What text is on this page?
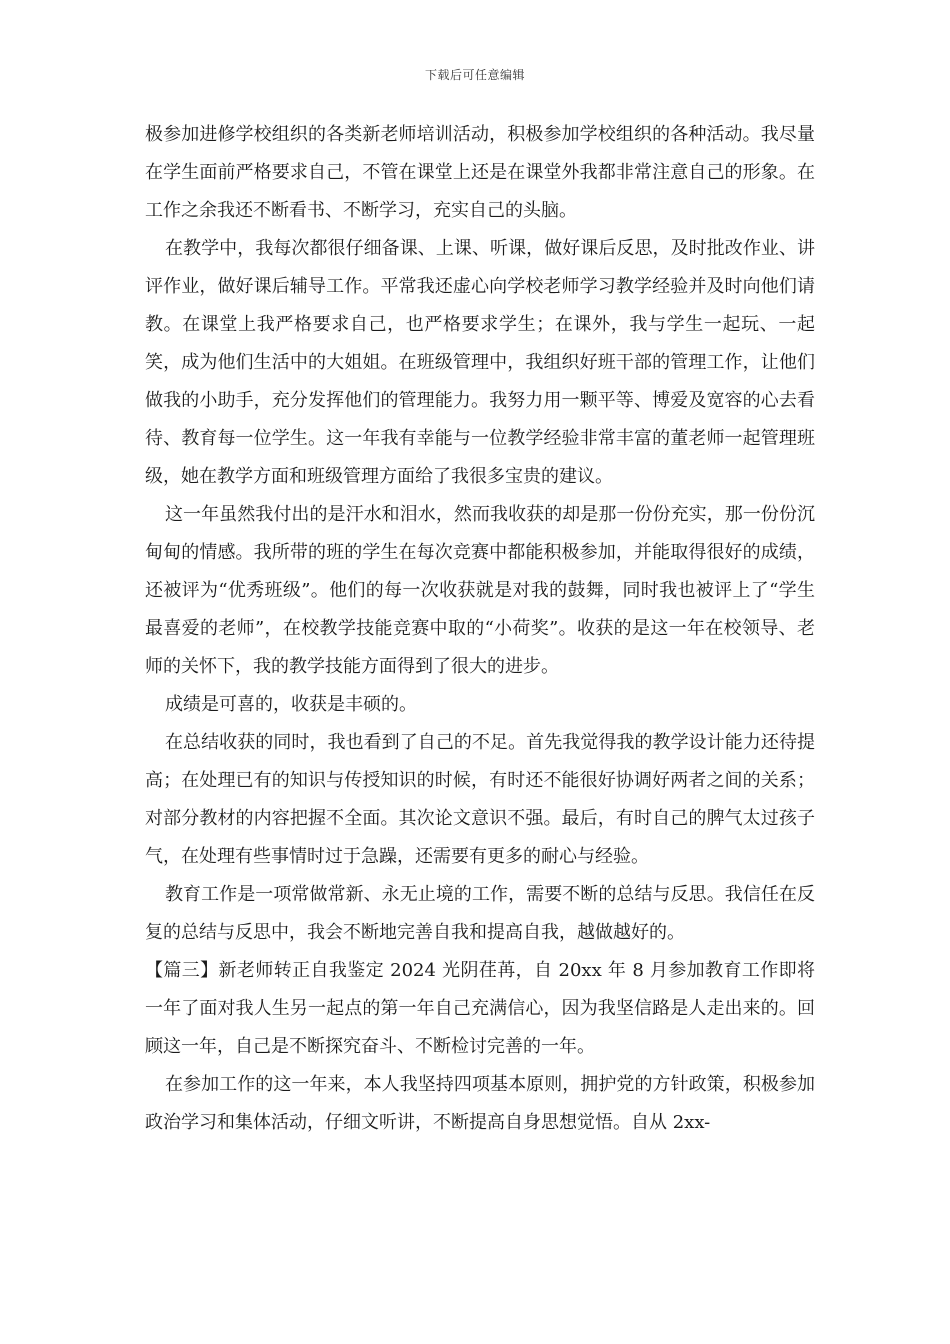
下载后可任意编辑

极参加进修学校组织的各类新老师培训活动，积极参加学校组织的各种活动。我尽量在学生面前严格要求自己，不管在课堂上还是在课堂外我都非常注意自己的形象。在工作之余我还不断看书、不断学习，充实自己的头脑。

在教学中，我每次都很仔细备课、上课、听课，做好课后反思，及时批改作业、讲评作业，做好课后辅导工作。平常我还虚心向学校老师学习教学经验并及时向他们请教。在课堂上我严格要求自己，也严格要求学生；在课外，我与学生一起玩、一起笑，成为他们生活中的大姐姐。在班级管理中，我组织好班干部的管理工作，让他们做我的小助手，充分发挥他们的管理能力。我努力用一颗平等、博爱及宽容的心去看待、教育每一位学生。这一年我有幸能与一位教学经验非常丰富的董老师一起管理班级，她在教学方面和班级管理方面给了我很多宝贵的建议。

这一年虽然我付出的是汗水和泪水，然而我收获的却是那一份份充实，那一份份沉甸甸的情感。我所带的班的学生在每次竞赛中都能积极参加，并能取得很好的成绩，还被评为“优秀班级”。他们的每一次收获就是对我的鼓舞，同时我也被评上了“学生最喜爱的老师”，在校教学技能竞赛中取的“小荷奖”。收获的是这一年在校领导、老师的关怀下，我的教学技能方面得到了很大的进步。

成绩是可喜的，收获是丰硕的。

在总结收获的同时，我也看到了自己的不足。首先我觉得我的教学设计能力还待提高；在处理已有的知识与传授知识的时候，有时还不能很好协调好两者之间的关系；对部分教材的内容把握不全面。其次论文意识不强。最后，有时自己的脾气太过孩子气，在处理有些事情时过于急躁，还需要有更多的耐心与经验。

教育工作是一项常做常新、永无止境的工作，需要不断的总结与反思。我信任在反复的总结与反思中，我会不断地完善自我和提高自我，越做越好的。

【篇三】新老师转正自我鉴定 2024 光阴荏苒，自 20xx 年 8 月参加教育工作即将一年了面对我人生另一起点的第一年自己充满信心，因为我坚信路是人走出来的。回顾这一年，自己是不断探究奋斗、不断检讨完善的一年。

在参加工作的这一年来，本人我坚持四项基本原则，拥护党的方针政策，积极参加政治学习和集体活动，仔细文听讲，不断提高自身思想觉悟。自从 2xx-
